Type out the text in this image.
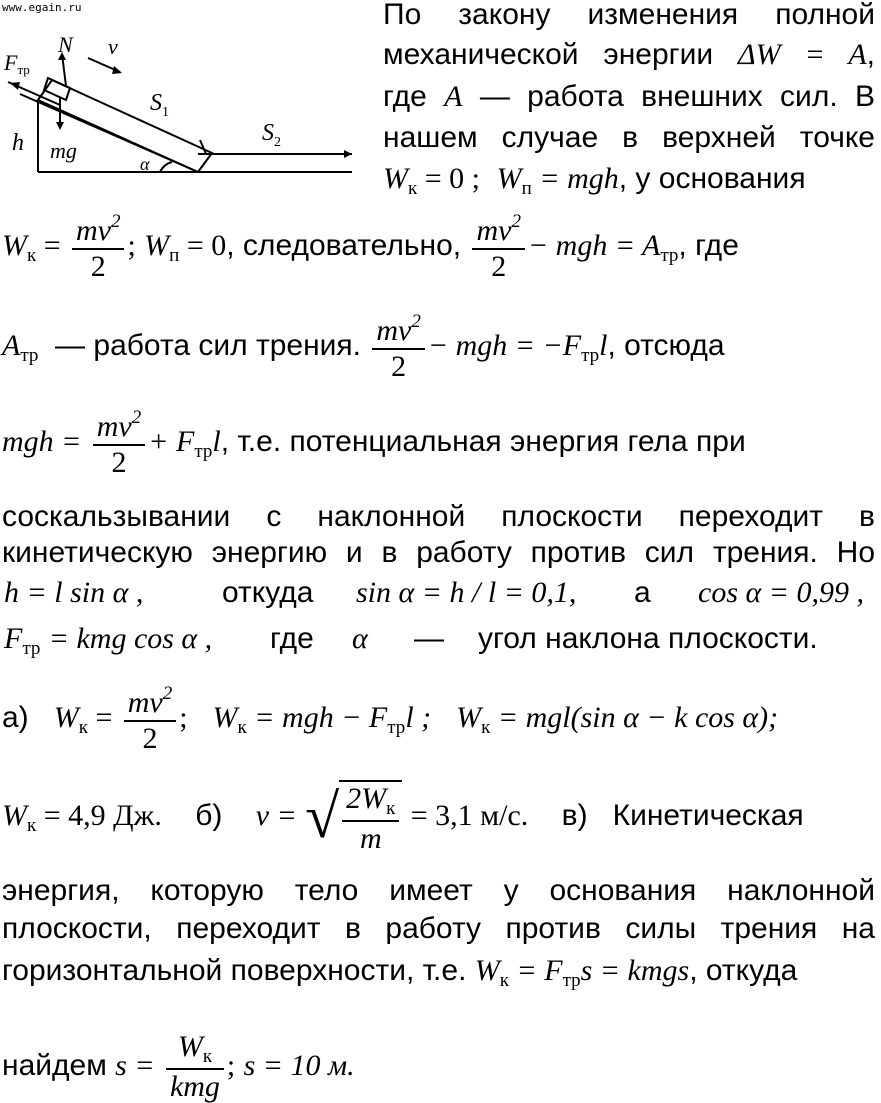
www.egain.ru
Fтр
N v
$S_1$
$S_2$
h mg
α
По закону изменения полной
механической энергии ΔW = A,
где A — работа внешних сил. В
нашем случае в верхней точке
$W_к = 0$ ; $W_п$ = mgh, у основания
$W_к = \frac{mv^2}{2}$ ; $W_п = 0$, следовательно, $\frac{mv^2}{2}$ − mgh = $A_{тр}$, где
$A_{тр}$ — работа сил трения. $\frac{mv^2}{2}$ − mgh = $-F_{тр}l$, отсюда
mgh = $\frac{mv^2}{2} + F_{тр}l$, т.е. потенциальная энергия гела при
соскальзывании с наклонной плоскости переходит в
кинетическую энергию и в работу против сил трения. Но
h = l sin α ,	откуда sin α = h / l = 0,1, а cos α = 0,99 ,
$F_{тр}$ = kmg cos α , где α — угол наклона плоскости.
а) $W_к = \frac{mv^2}{2}$ ; $W_к$ = mgh − $F_{тр}l$ ; $W_к = mgl(\sin$ α − k cos α);
$W_к = 4,9$ Дж. б) v = √ $\frac{2W_к}{m} = 3,1$ м/с. в) Кинетическая
энергия, которую тело имеет у основания наклонной
плоскости, переходит в работу против силы трения на
горизонтальной поверхности, т.е. $W_к = F_{тр}s$ = kmgs, откуда
найдем $s = \frac{W_к}{\text{kmg}}$ ; s = 10 м.
